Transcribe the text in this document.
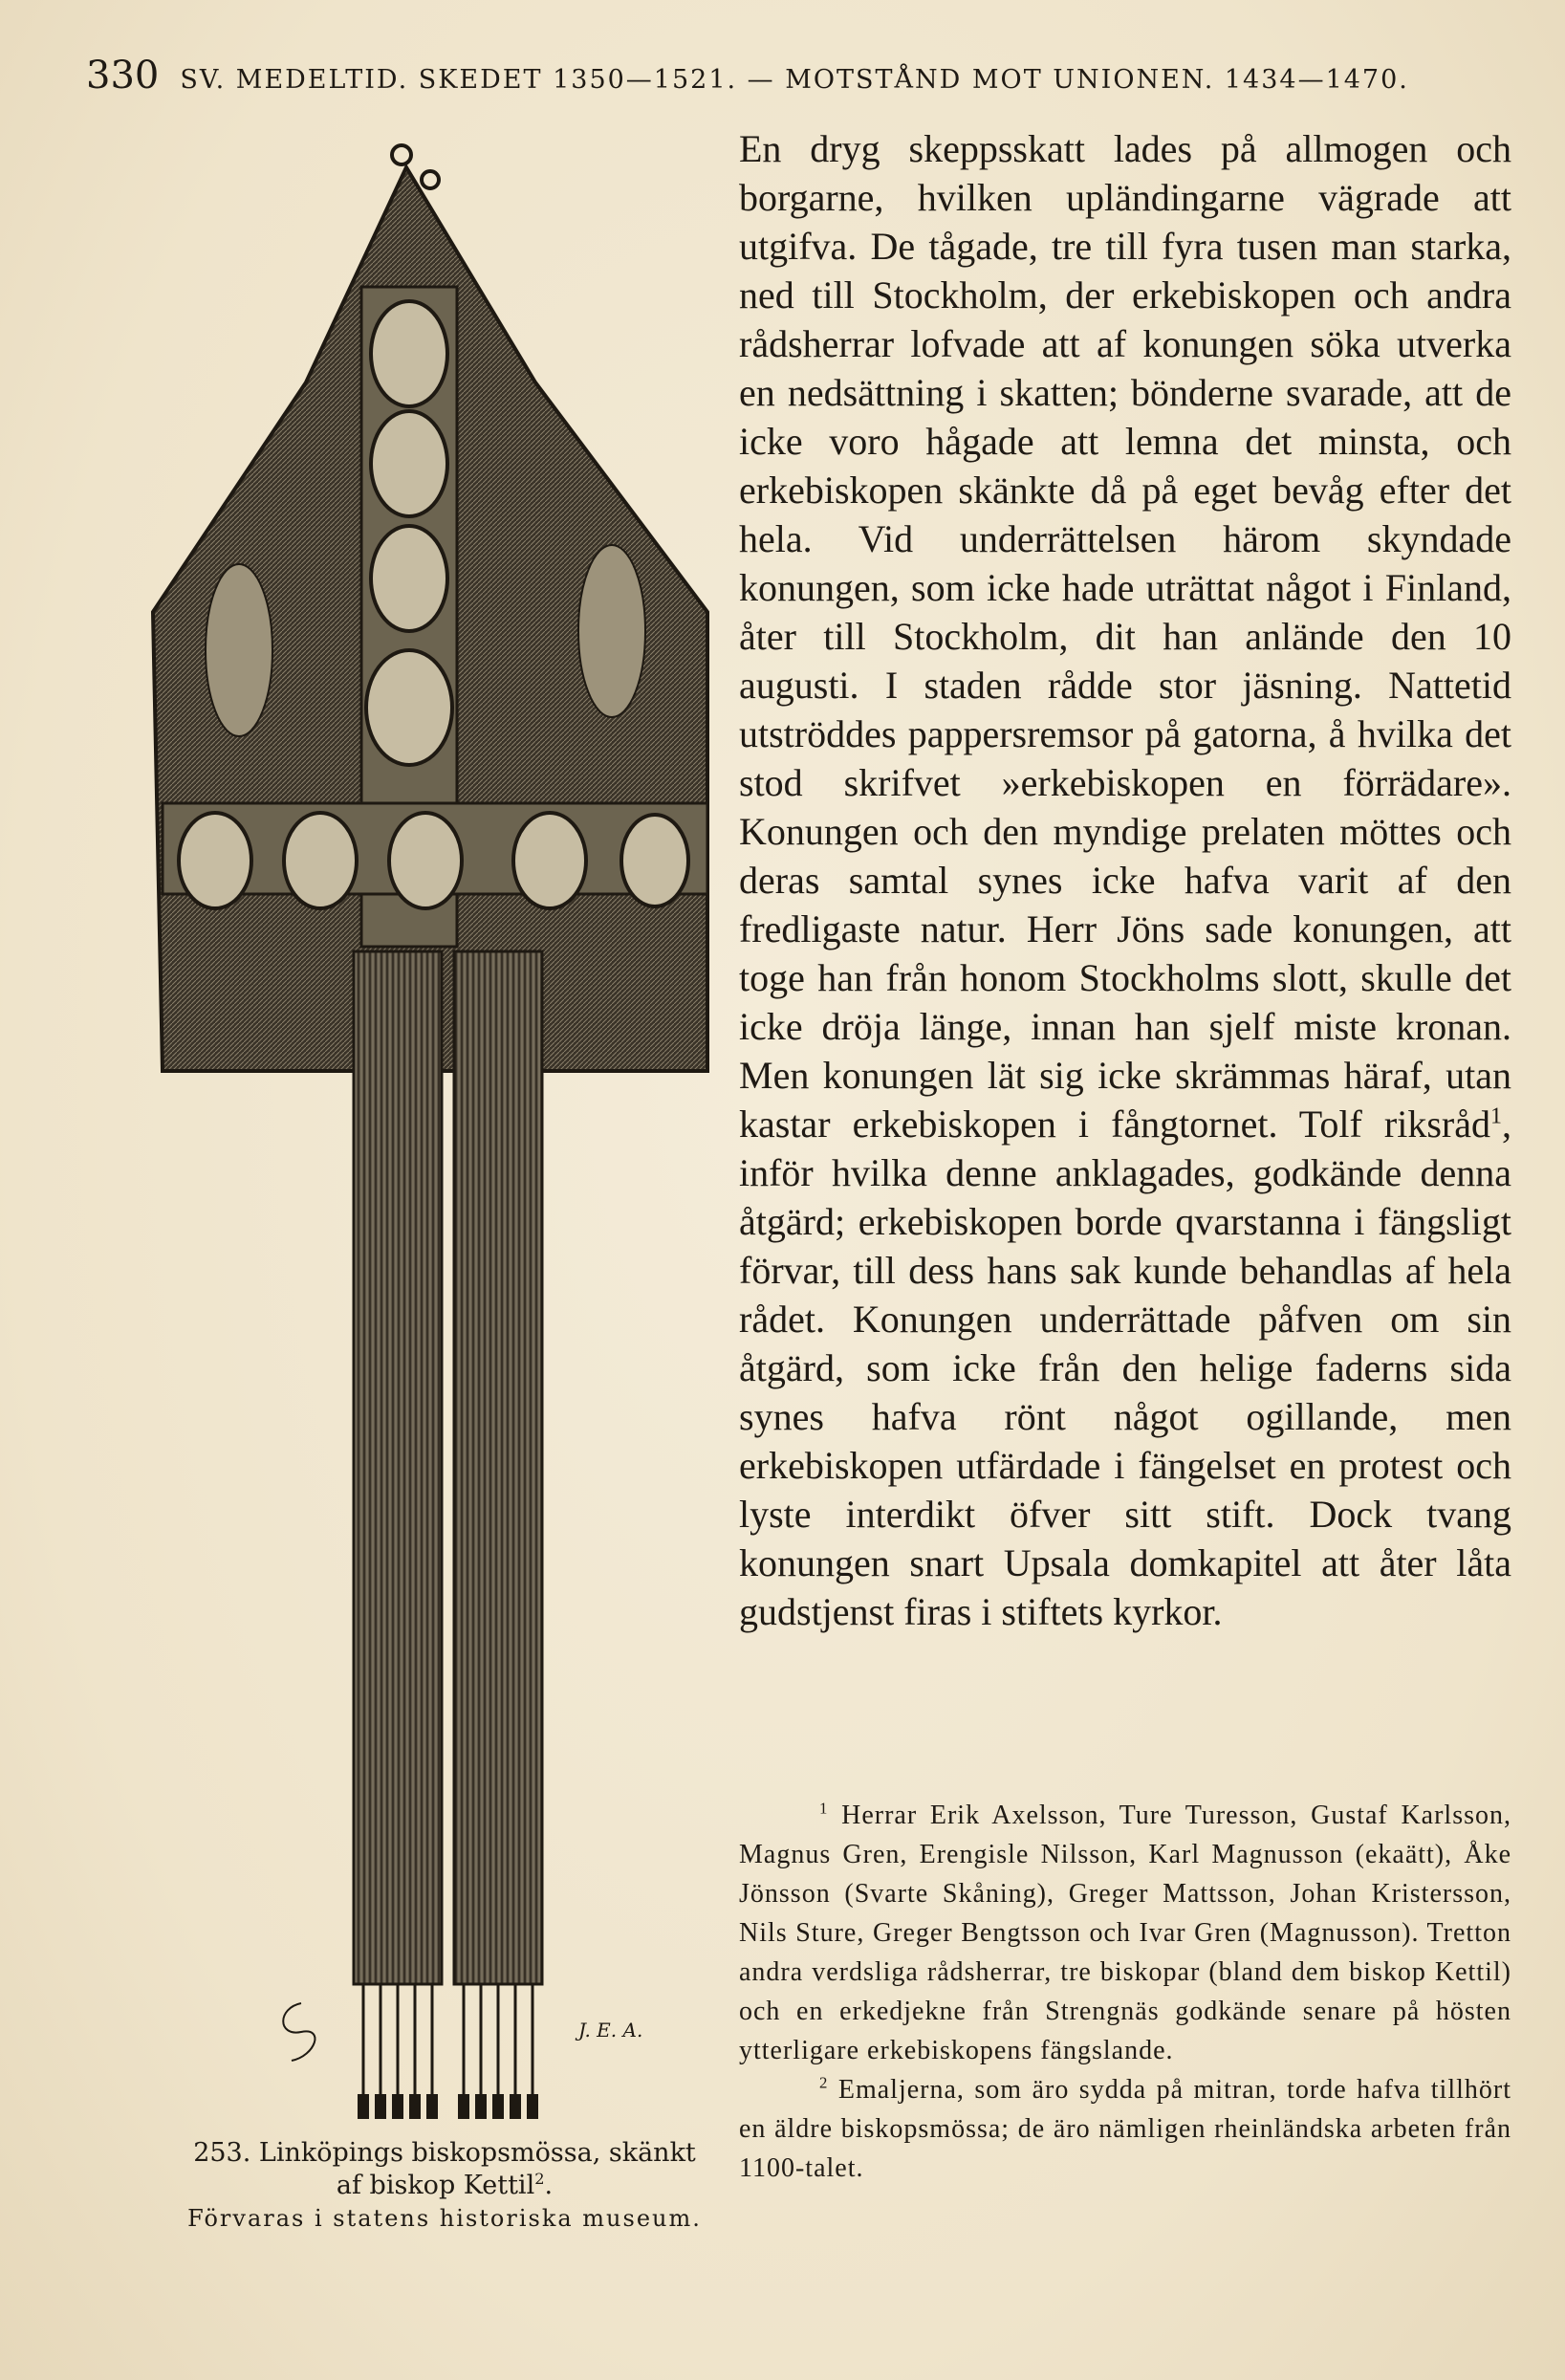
330 SV. MEDELTID. SKEDET 1350—1521. — MOTSTÅND MOT UNIONEN. 1434—1470.
J. E. A.
253. Linköpings biskopsmössa, skänkt
af biskop Kettil$^2$.

Förvaras i statens historiska museum.

En dryg skeppsskatt lades på allmogen och borgarne, hvilken upländingarne vägrade att utgifva. De tågade, tre till fyra tusen man starka, ned till Stockholm, der erkebiskopen och andra rådsherrar lofvade att af konungen söka utverka en nedsättning i skatten; bönderne svarade, att de icke voro hågade att lemna det minsta, och erkebiskopen skänkte då på eget bevåg efter det hela. Vid underrättelsen härom skyndade konungen, som icke hade uträttat något i Finland, åter till Stockholm, dit han anlände den 10 augusti. I staden rådde stor jäsning. Nattetid utströddes pappersremsor på gatorna, å hvilka det stod skrifvet »erkebiskopen en förrädare». Konungen och den myndige prelaten möttes och deras samtal synes icke hafva varit af den fredligaste natur. Herr Jöns sade konungen, att toge han från honom Stockholms slott, skulle det icke dröja länge, innan han sjelf miste kronan. Men konungen lät sig icke skrämmas häraf, utan kastar erkebiskopen i fångtornet. Tolf riksråd$^1$, inför hvilka denne anklagades, godkände denna åtgärd; erkebiskopen borde qvarstanna i fängsligt förvar, till dess hans sak kunde behandlas af hela rådet. Konungen underrättade påfven om sin åtgärd, som icke från den helige faderns sida synes hafva rönt något ogillande, men erkebiskopen utfärdade i fängelset en protest och lyste interdikt öfver sitt stift. Dock tvang konungen snart Upsala domkapitel att åter låta gudstjenst firas i stiftets kyrkor.

$^1$ Herrar Erik Axelsson, Ture Turesson, Gustaf Karlsson, Magnus Gren, Erengisle Nilsson, Karl Magnusson (ekaätt), Åke Jönsson (Svarte Skåning), Greger Mattsson, Johan Kristersson, Nils Sture, Greger Bengtsson och Ivar Gren (Magnusson). Tretton andra verdsliga rådsherrar, tre biskopar (bland dem biskop Kettil) och en erkedjekne från Strengnäs godkände senare på hösten ytterligare erkebiskopens fängslande.

$^2$ Emaljerna, som äro sydda på mitran, torde hafva tillhört en äldre biskopsmössa; de äro nämligen rheinländska arbeten från 1100-talet.
